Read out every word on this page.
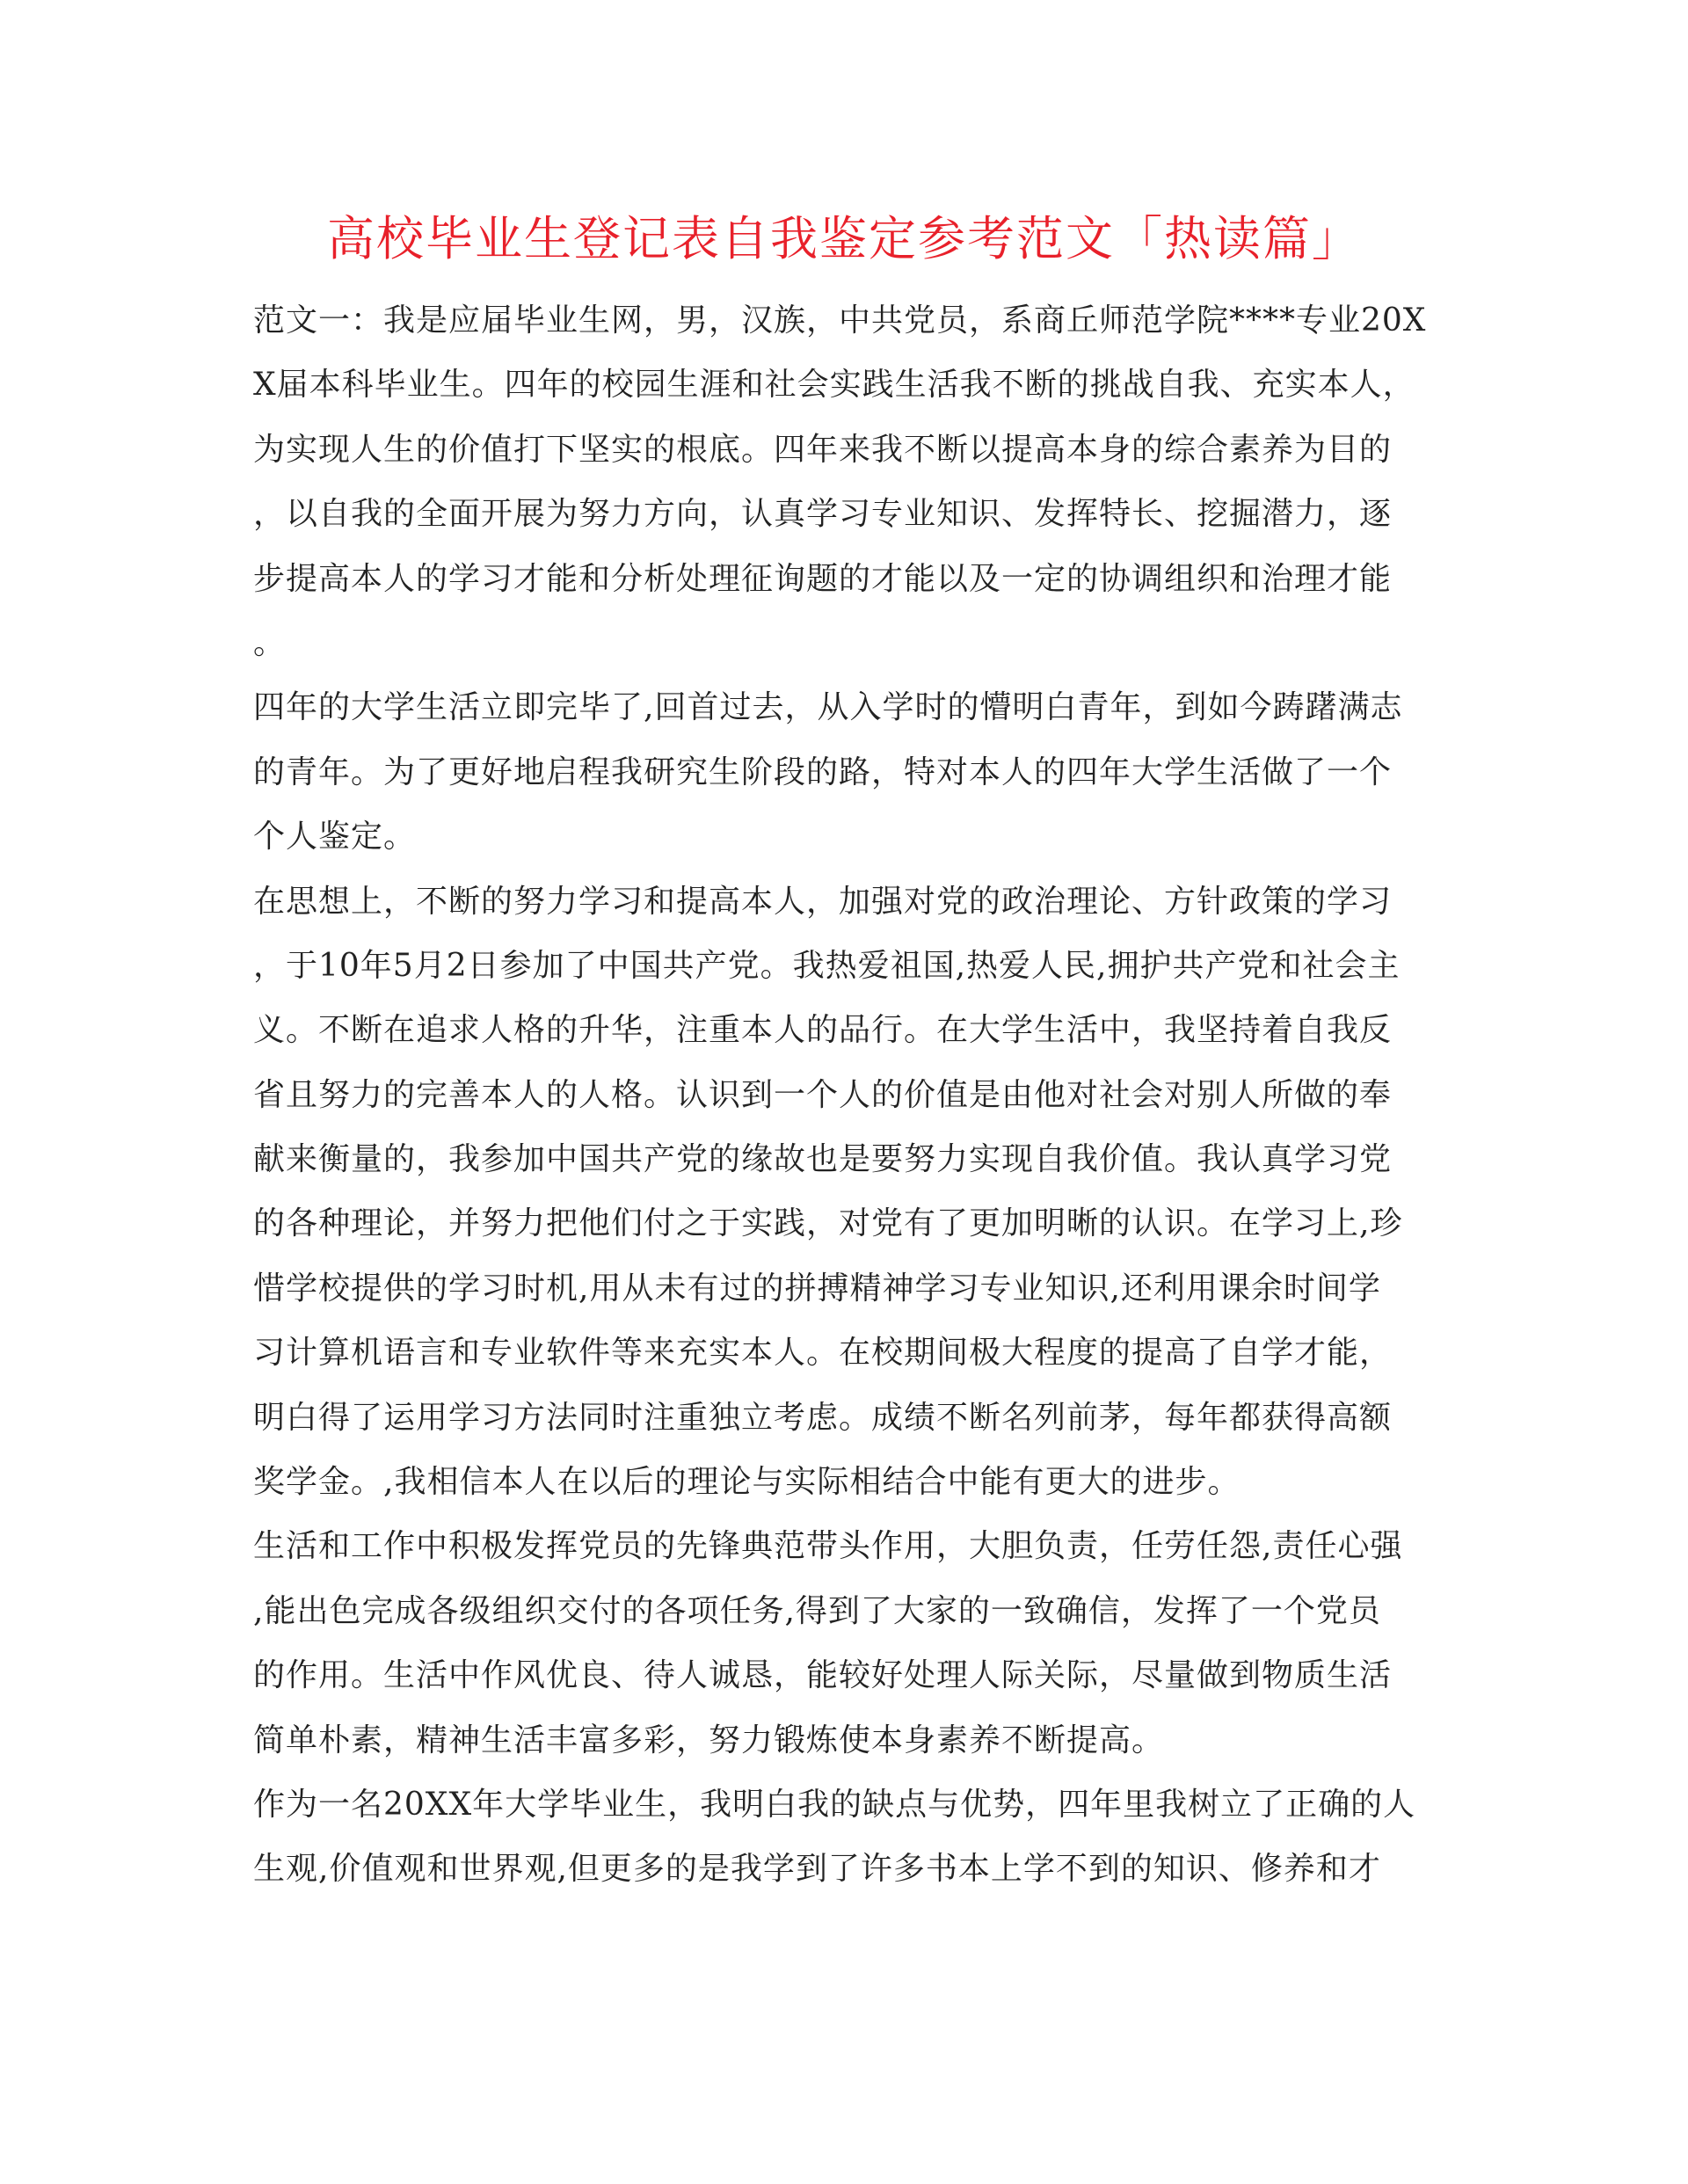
高校毕业生登记表自我鉴定参考范文「热读篇」
范文一：我是应届毕业生网，男，汉族，中共党员，系商丘师范学院****专业20X
X届本科毕业生。四年的校园生涯和社会实践生活我不断的挑战自我、充实本人，
为实现人生的价值打下坚实的根底。四年来我不断以提高本身的综合素养为目的
，以自我的全面开展为努力方向，认真学习专业知识、发挥特长、挖掘潜力，逐
步提高本人的学习才能和分析处理征询题的才能以及一定的协调组织和治理才能
。
四年的大学生活立即完毕了,回首过去，从入学时的懵明白青年，到如今踌躇满志
的青年。为了更好地启程我研究生阶段的路，特对本人的四年大学生活做了一个
个人鉴定。
在思想上，不断的努力学习和提高本人，加强对党的政治理论、方针政策的学习
，于10年5月2日参加了中国共产党。我热爱祖国,热爱人民,拥护共产党和社会主
义。不断在追求人格的升华，注重本人的品行。在大学生活中，我坚持着自我反
省且努力的完善本人的人格。认识到一个人的价值是由他对社会对别人所做的奉
献来衡量的，我参加中国共产党的缘故也是要努力实现自我价值。我认真学习党
的各种理论，并努力把他们付之于实践，对党有了更加明晰的认识。在学习上,珍
惜学校提供的学习时机,用从未有过的拼搏精神学习专业知识,还利用课余时间学
习计算机语言和专业软件等来充实本人。在校期间极大程度的提高了自学才能，
明白得了运用学习方法同时注重独立考虑。成绩不断名列前茅，每年都获得高额
奖学金。,我相信本人在以后的理论与实际相结合中能有更大的进步。
生活和工作中积极发挥党员的先锋典范带头作用，大胆负责，任劳任怨,责任心强
,能出色完成各级组织交付的各项任务,得到了大家的一致确信，发挥了一个党员
的作用。生活中作风优良、待人诚恳，能较好处理人际关际，尽量做到物质生活
简单朴素，精神生活丰富多彩，努力锻炼使本身素养不断提高。
作为一名20XX年大学毕业生，我明白我的缺点与优势，四年里我树立了正确的人
生观,价值观和世界观,但更多的是我学到了许多书本上学不到的知识、修养和才
